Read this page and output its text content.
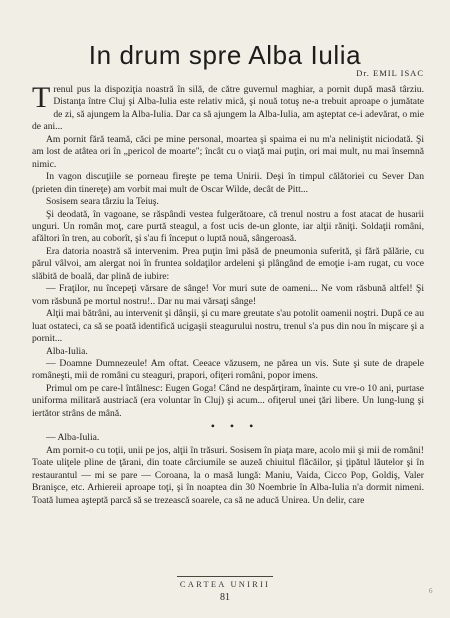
In drum spre Alba Iulia
Dr. EMIL ISAC

Trenul pus la dispoziţia noastră în silă, de către guvernul maghiar, a pornit după masă târziu. Distanţa între Cluj şi Alba-Iulia este relativ mică, şi nouă totuş ne-a trebuit aproape o jumătate de zi, să ajungem la Alba-Iulia. Dar ca să ajungem la Alba-Iulia, am aşteptat ce-i adevărat, o mie de ani...

Am pornit fără teamă, căci pe mine personal, moartea şi spaima ei nu m'a neliniştit niciodată. Şi am lost de atâtea ori în „pericol de moarte"; încât cu o viaţă mai puţin, ori mai mult, nu mai însemnă nimic.

In vagon discuţiile se porneau fireşte pe tema Unirii. Deşi în timpul călătoriei cu Sever Dan (prieten din tinereţe) am vorbit mai mult de Oscar Wilde, decât de Pitt...

Sosisem seara târziu la Teiuş.

Şi deodată, în vagoane, se răspândi vestea fulgerătoare, că trenul nostru a fost atacat de husarii unguri. Un român moţ, care purtă steagul, a fost ucis de-un glonte, iar alţii răniţi. Soldaţii români, afăltori în tren, au coborît, şi s'au fi început o luptă nouă, sângeroasă.

Era datoria noastră să intervenim. Prea puţin îmi păsă de pneumonia suferită, şi fără pălărie, cu părul vâlvoi, am alergat noi în fruntea soldaţilor ardeleni şi plângând de emoţie i-am rugat, cu voce slăbită de boală, dar plină de iubire:

— Fraţilor, nu începeţi vărsare de sânge! Vor muri sute de oameni... Ne vom răsbună altfel! Şi vom răsbună pe mortul nostru!.. Dar nu mai vărsaţi sânge!

Alţii mai bătrâni, au intervenit şi dânşii, şi cu mare greutate s'au potolit oamenii noştri. După ce au luat ostateci, ca să se poată identifică ucigaşii steagurului nostru, trenul s'a pus din nou în mişcare şi a pornit...

Alba-Iulia.

— Doamne Dumnezeule! Am oftat. Ceeace văzusem, ne părea un vis. Sute şi sute de drapele româneşti, mii de români cu steaguri, prapori, ofiţeri români, popor imens.

Primul om pe care-l întâlnesc: Eugen Goga! Când ne despărţiram, înainte cu vre-o 10 ani, purtase uniforma militară austriacă (era voluntar în Cluj) şi acum... ofiţerul unei ţări libere. Un lung-lung şi iertător strâns de mână.

• • •

— Alba-Iulia.

Am pornit-o cu toţii, unii pe jos, alţii în trăsuri. Sosisem în piaţa mare, acolo mii şi mii de români! Toate uliţele pline de ţărani, din toate cârciumile se auzeă chiuitul flăcăilor, şi ţipătul lăutelor şi în restaurantul — mi se pare — Coroana, la o masă lungă: Maniu, Vaida, Cicco Pop, Goldiş, Valer Branişce, etc. Arhiereii aproape toţi, şi în noaptea din 30 Noembrie în Alba-Iulia n'a dormit nimeni. Toată lumea aşteptă parcă să se trezească soarele, ca să ne aducă Unirea. Un delir, care

CARTEA UNIRII
81
6
